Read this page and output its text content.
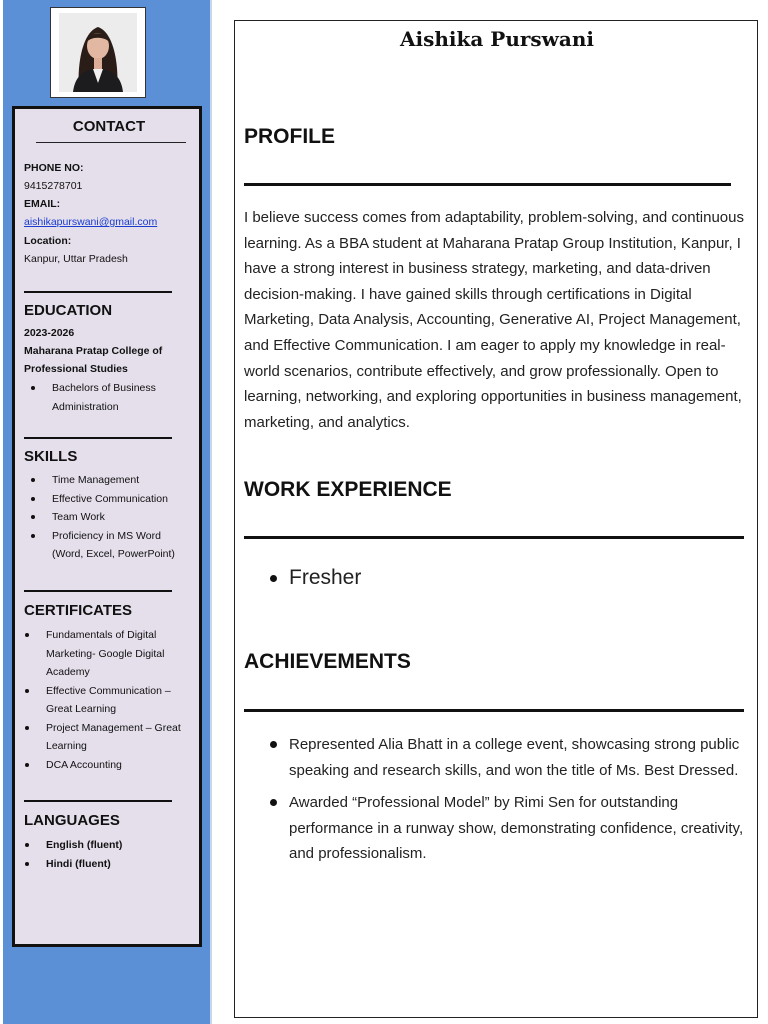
CONTACT
PHONE NO:
9415278701
EMAIL:
aishikapurswani@gmail.com
Location:
Kanpur, Uttar Pradesh
EDUCATION
2023-2026
Maharana Pratap College of Professional Studies
Bachelors of Business Administration
SKILLS
Time Management
Effective Communication
Team Work
Proficiency in MS Word (Word, Excel, PowerPoint)
CERTIFICATES
Fundamentals of Digital Marketing- Google Digital Academy
Effective Communication – Great Learning
Project Management – Great Learning
DCA Accounting
LANGUAGES
English (fluent)
Hindi (fluent)
Aishika Purswani
PROFILE
I believe success comes from adaptability, problem-solving, and continuous learning. As a BBA student at Maharana Pratap Group Institution, Kanpur, I have a strong interest in business strategy, marketing, and data-driven decision-making. I have gained skills through certifications in Digital Marketing, Data Analysis, Accounting, Generative AI, Project Management, and Effective Communication. I am eager to apply my knowledge in real-world scenarios, contribute effectively, and grow professionally. Open to learning, networking, and exploring opportunities in business management, marketing, and analytics.
WORK EXPERIENCE
Fresher
ACHIEVEMENTS
Represented Alia Bhatt in a college event, showcasing strong public speaking and research skills, and won the title of Ms. Best Dressed.
Awarded “Professional Model” by Rimi Sen for outstanding performance in a runway show, demonstrating confidence, creativity, and professionalism.
